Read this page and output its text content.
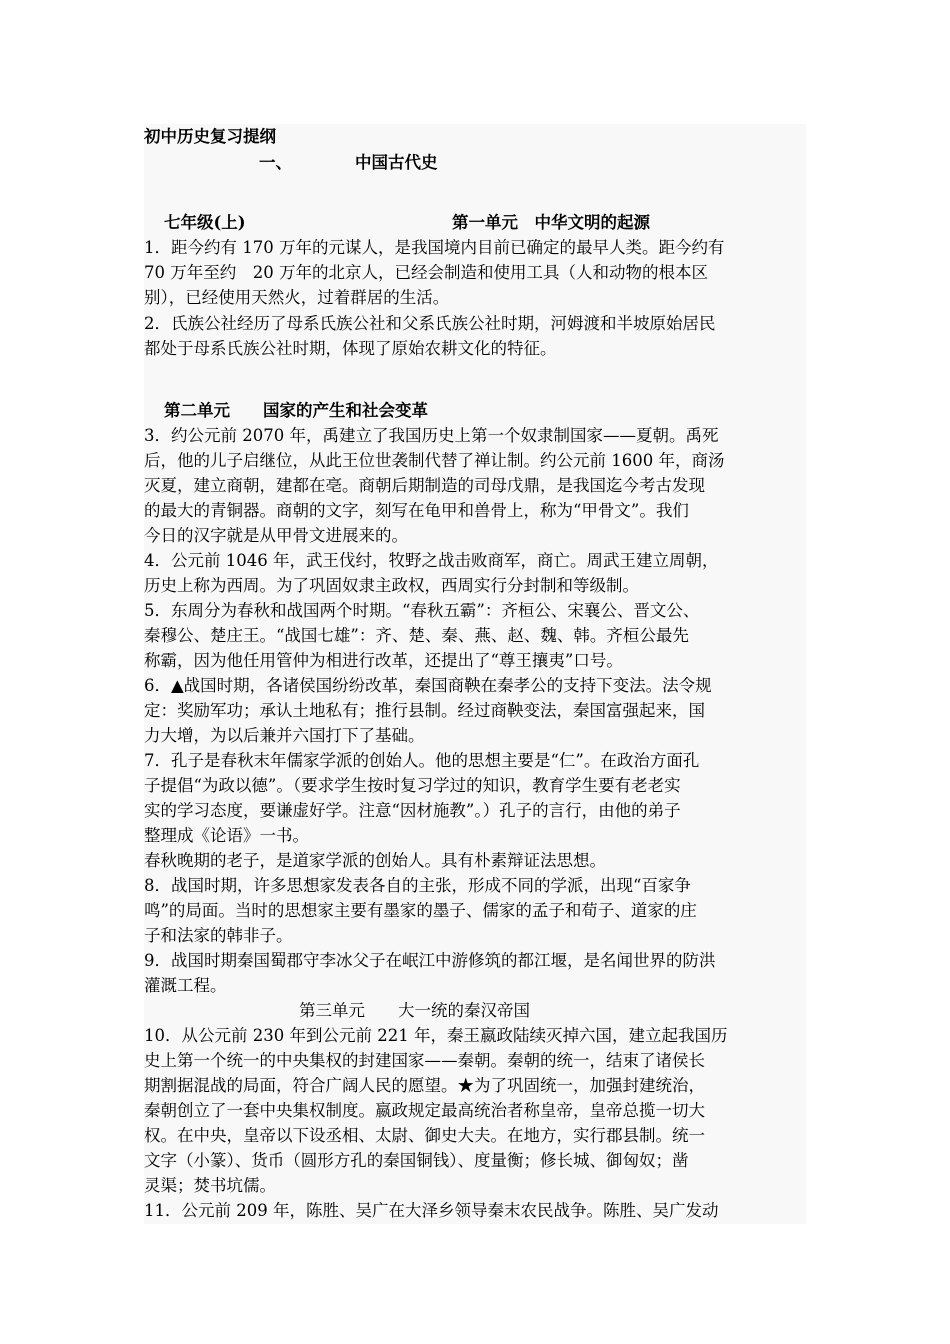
初中历史复习提纲
一、	中国古代史
七年级(上)	第一单元　中华文明的起源
1．距今约有 170 万年的元谋人，是我国境内目前已确定的最早人类。距今约有
70 万年至约　20 万年的北京人，已经会制造和使用工具（人和动物的根本区
别），已经使用天然火，过着群居的生活。
2．氏族公社经历了母系氏族公社和父系氏族公社时期，河姆渡和半坡原始居民
都处于母系氏族公社时期，体现了原始农耕文化的特征。
第二单元　　国家的产生和社会变革
3．约公元前 2070 年，禹建立了我国历史上第一个奴隶制国家——夏朝。禹死
后，他的儿子启继位，从此王位世袭制代替了禅让制。约公元前 1600 年，商汤
灭夏，建立商朝，建都在亳。商朝后期制造的司母戊鼎，是我国迄今考古发现
的最大的青铜器。商朝的文字，刻写在龟甲和兽骨上，称为“甲骨文”。我们
今日的汉字就是从甲骨文进展来的。
4．公元前 1046 年，武王伐纣，牧野之战击败商军，商亡。周武王建立周朝，
历史上称为西周。为了巩固奴隶主政权，西周实行分封制和等级制。
5．东周分为春秋和战国两个时期。“春秋五霸”：齐桓公、宋襄公、晋文公、
秦穆公、楚庄王。“战国七雄”：齐、楚、秦、燕、赵、魏、韩。齐桓公最先
称霸，因为他任用管仲为相进行改革，还提出了“尊王攘夷”口号。
6．▲战国时期，各诸侯国纷纷改革，秦国商鞅在秦孝公的支持下变法。法令规
定：奖励军功；承认土地私有；推行县制。经过商鞅变法，秦国富强起来，国
力大增，为以后兼并六国打下了基础。
7．孔子是春秋末年儒家学派的创始人。他的思想主要是“仁”。在政治方面孔
子提倡“为政以德”。（要求学生按时复习学过的知识，教育学生要有老老实
实的学习态度，要谦虚好学。注意“因材施教”。）孔子的言行，由他的弟子
整理成《论语》一书。
春秋晚期的老子，是道家学派的创始人。具有朴素辩证法思想。
8．战国时期，许多思想家发表各自的主张，形成不同的学派，出现“百家争
鸣”的局面。当时的思想家主要有墨家的墨子、儒家的孟子和荀子、道家的庄
子和法家的韩非子。
9．战国时期秦国蜀郡守李冰父子在岷江中游修筑的都江堰，是名闻世界的防洪
灌溉工程。
第三单元　　大一统的秦汉帝国
10．从公元前 230 年到公元前 221 年，秦王嬴政陆续灭掉六国，建立起我国历
史上第一个统一的中央集权的封建国家——秦朝。秦朝的统一，结束了诸侯长
期割据混战的局面，符合广阔人民的愿望。★为了巩固统一，加强封建统治，
秦朝创立了一套中央集权制度。嬴政规定最高统治者称皇帝，皇帝总揽一切大
权。在中央，皇帝以下设丞相、太尉、御史大夫。在地方，实行郡县制。统一
文字（小篆）、货币（圆形方孔的秦国铜钱）、度量衡；修长城、御匈奴；凿
灵渠；焚书坑儒。
11．公元前 209 年，陈胜、吴广在大泽乡领导秦末农民战争。陈胜、吴广发动
